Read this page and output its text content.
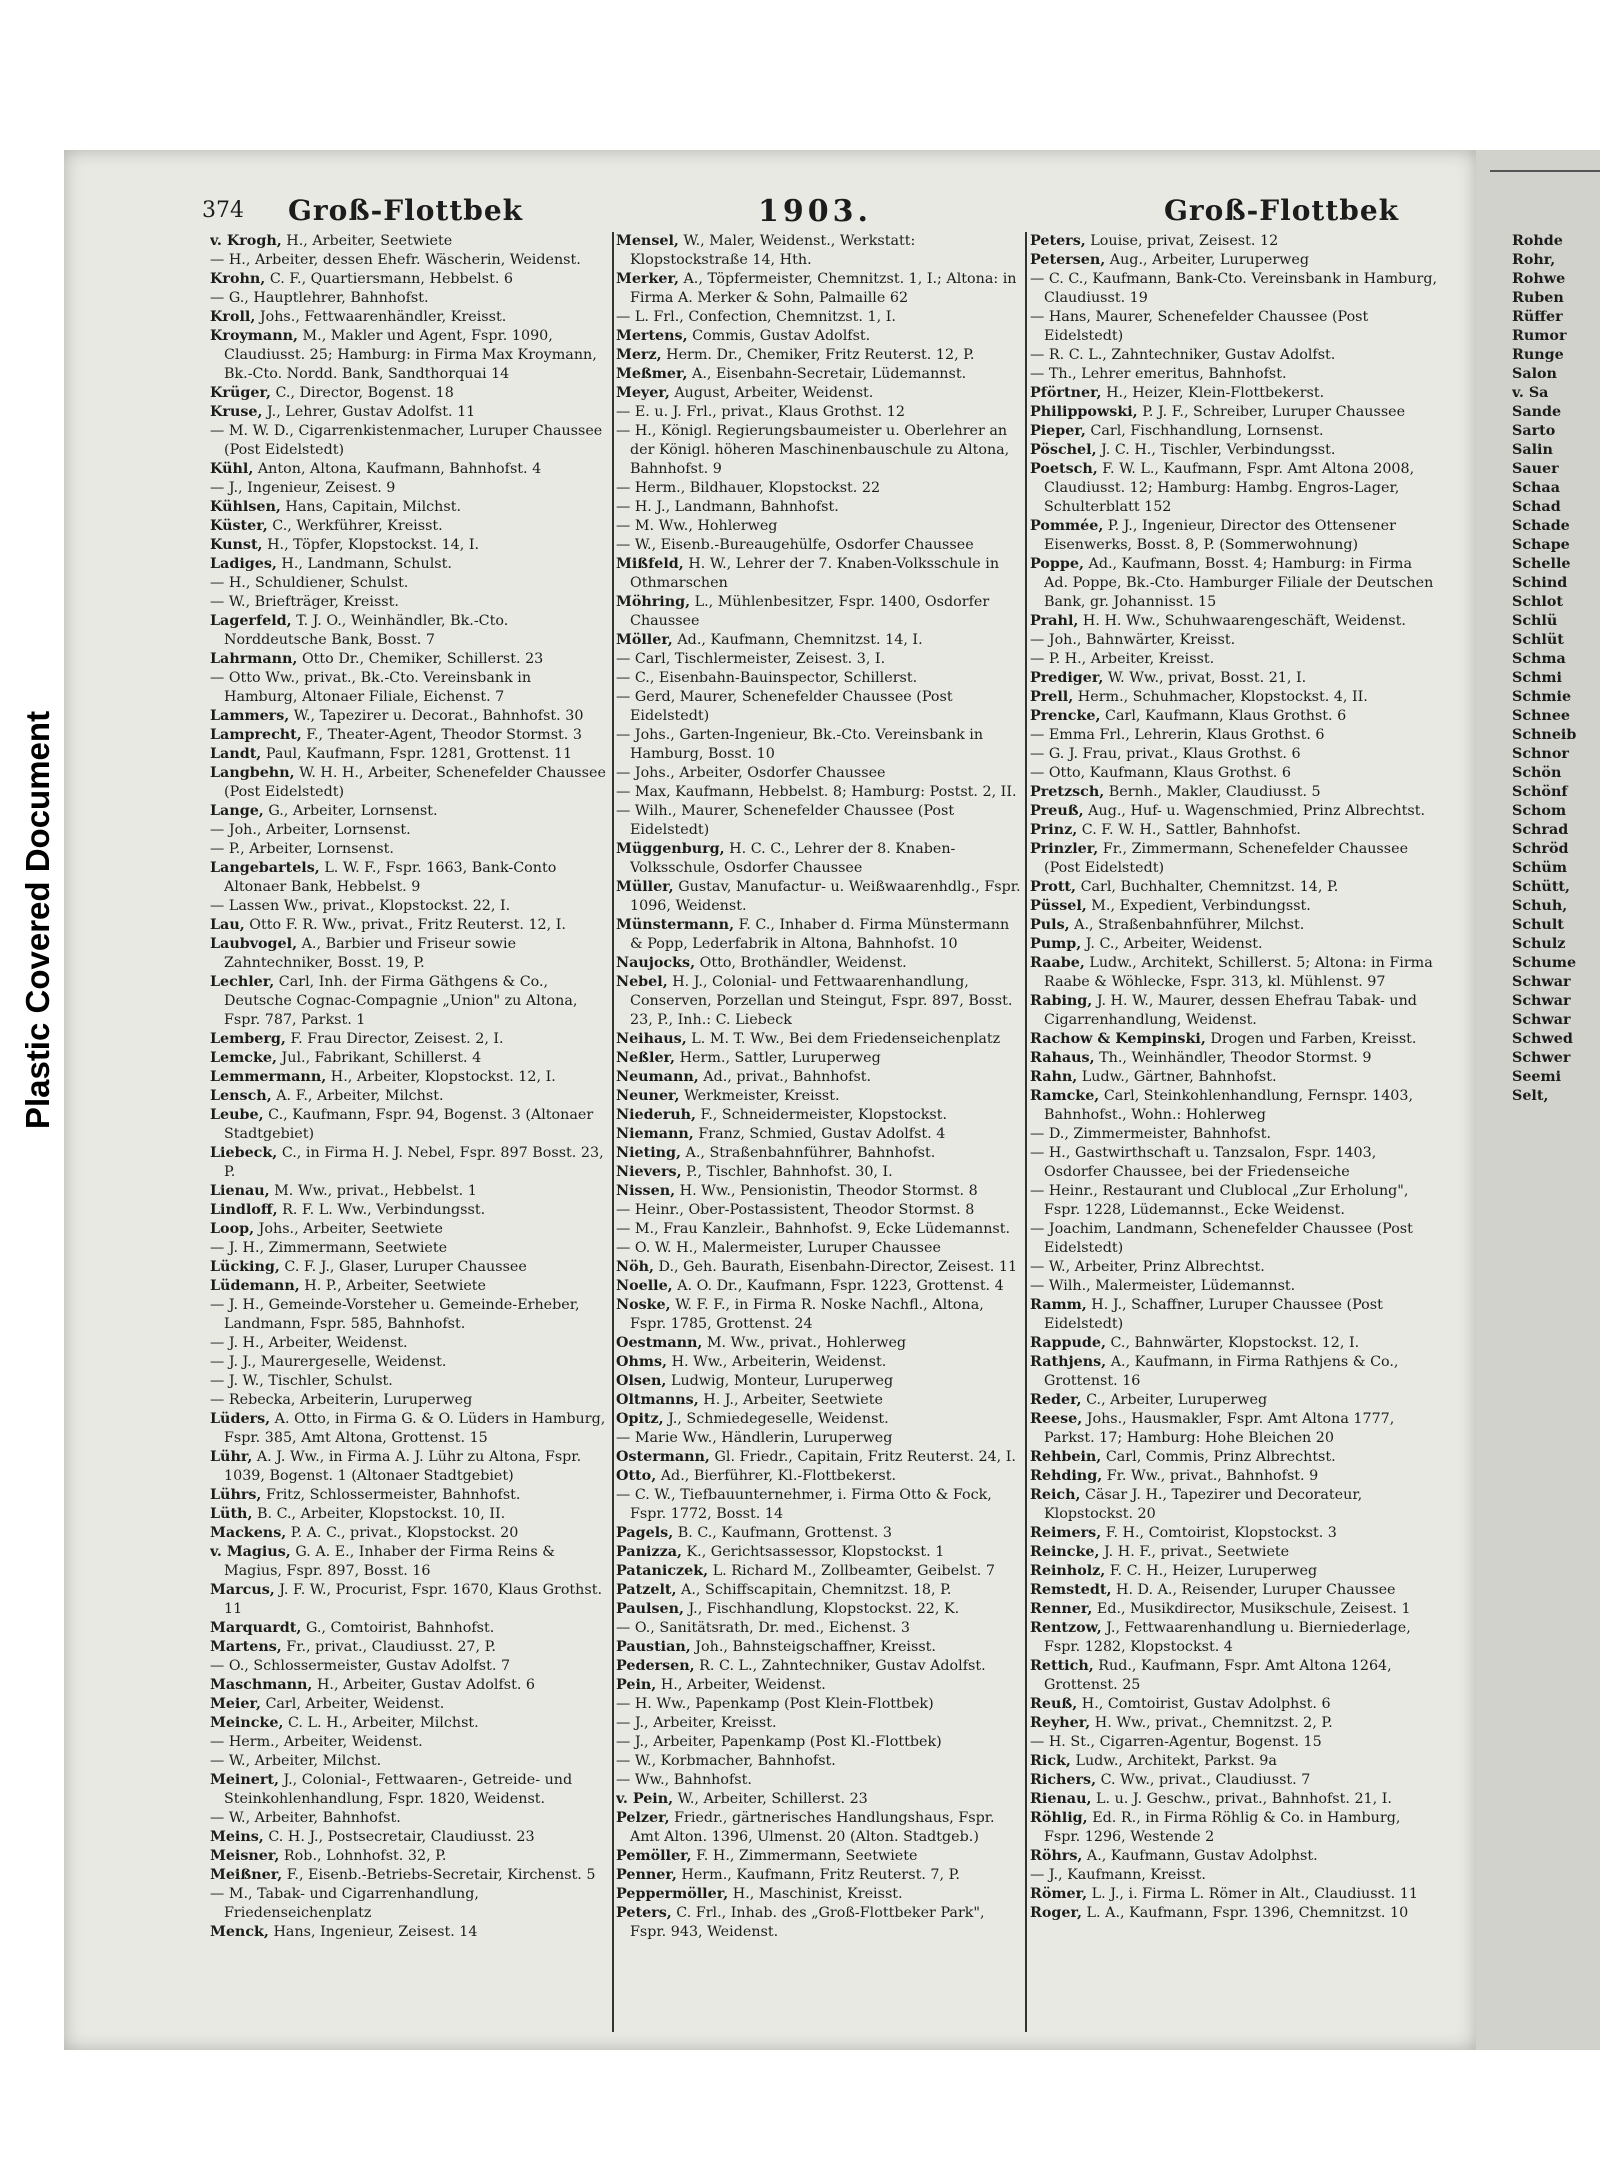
Plastic Covered Document
374 Groß-Flottbek	1903.	Groß-Flottbek

v. Krogh, H., Arbeiter, Seetwiete

— H., Arbeiter, dessen Ehefr. Wäscherin, Weidenst.

Krohn, C. F., Quartiersmann, Hebbelst. 6

— G., Hauptlehrer, Bahnhofst.

Kroll, Johs., Fettwaarenhändler, Kreisst.

Kroymann, M., Makler und Agent, Fspr. 1090, Claudiusst. 25; Hamburg: in Firma Max Kroymann, Bk.-Cto. Nordd. Bank, Sandthorquai 14

Krüger, C., Director, Bogenst. 18

Kruse, J., Lehrer, Gustav Adolfst. 11

— M. W. D., Cigarrenkistenmacher, Luruper Chaussee (Post Eidelstedt)

Kühl, Anton, Altona, Kaufmann, Bahnhofst. 4

— J., Ingenieur, Zeisest. 9

Kühlsen, Hans, Capitain, Milchst.

Küster, C., Werkführer, Kreisst.

Kunst, H., Töpfer, Klopstockst. 14, I.

Ladiges, H., Landmann, Schulst.

— H., Schuldiener, Schulst.

— W., Briefträger, Kreisst.

Lagerfeld, T. J. O., Weinhändler, Bk.-Cto. Norddeutsche Bank, Bosst. 7

Lahrmann, Otto Dr., Chemiker, Schillerst. 23

— Otto Ww., privat., Bk.-Cto. Vereinsbank in Hamburg, Altonaer Filiale, Eichenst. 7

Lammers, W., Tapezirer u. Decorat., Bahnhofst. 30

Lamprecht, F., Theater-Agent, Theodor Stormst. 3

Landt, Paul, Kaufmann, Fspr. 1281, Grottenst. 11

Langbehn, W. H. H., Arbeiter, Schenefelder Chaussee (Post Eidelstedt)

Lange, G., Arbeiter, Lornsenst.

— Joh., Arbeiter, Lornsenst.

— P., Arbeiter, Lornsenst.

Langebartels, L. W. F., Fspr. 1663, Bank-Conto Altonaer Bank, Hebbelst. 9

— Lassen Ww., privat., Klopstockst. 22, I.

Lau, Otto F. R. Ww., privat., Fritz Reuterst. 12, I.

Laubvogel, A., Barbier und Friseur sowie Zahntechniker, Bosst. 19, P.

Lechler, Carl, Inh. der Firma Gäthgens & Co., Deutsche Cognac-Compagnie „Union" zu Altona, Fspr. 787, Parkst. 1

Lemberg, F. Frau Director, Zeisest. 2, I.

Lemcke, Jul., Fabrikant, Schillerst. 4

Lemmermann, H., Arbeiter, Klopstockst. 12, I.

Lensch, A. F., Arbeiter, Milchst.

Leube, C., Kaufmann, Fspr. 94, Bogenst. 3 (Altonaer Stadtgebiet)

Liebeck, C., in Firma H. J. Nebel, Fspr. 897 Bosst. 23, P.

Lienau, M. Ww., privat., Hebbelst. 1

Lindloff, R. F. L. Ww., Verbindungsst.

Loop, Johs., Arbeiter, Seetwiete

— J. H., Zimmermann, Seetwiete

Lücking, C. F. J., Glaser, Luruper Chaussee

Lüdemann, H. P., Arbeiter, Seetwiete

— J. H., Gemeinde-Vorsteher u. Gemeinde-Erheber, Landmann, Fspr. 585, Bahnhofst.

— J. H., Arbeiter, Weidenst.

— J. J., Maurergeselle, Weidenst.

— J. W., Tischler, Schulst.

— Rebecka, Arbeiterin, Luruperweg

Lüders, A. Otto, in Firma G. & O. Lüders in Hamburg, Fspr. 385, Amt Altona, Grottenst. 15

Lühr, A. J. Ww., in Firma A. J. Lühr zu Altona, Fspr. 1039, Bogenst. 1 (Altonaer Stadtgebiet)

Lührs, Fritz, Schlossermeister, Bahnhofst.

Lüth, B. C., Arbeiter, Klopstockst. 10, II.

Mackens, P. A. C., privat., Klopstockst. 20

v. Magius, G. A. E., Inhaber der Firma Reins & Magius, Fspr. 897, Bosst. 16

Marcus, J. F. W., Procurist, Fspr. 1670, Klaus Grothst. 11

Marquardt, G., Comtoirist, Bahnhofst.

Martens, Fr., privat., Claudiusst. 27, P.

— O., Schlossermeister, Gustav Adolfst. 7

Maschmann, H., Arbeiter, Gustav Adolfst. 6

Meier, Carl, Arbeiter, Weidenst.

Meincke, C. L. H., Arbeiter, Milchst.

— Herm., Arbeiter, Weidenst.

— W., Arbeiter, Milchst.

Meinert, J., Colonial-, Fettwaaren-, Getreide- und Steinkohlenhandlung, Fspr. 1820, Weidenst.

— W., Arbeiter, Bahnhofst.

Meins, C. H. J., Postsecretair, Claudiusst. 23

Meisner, Rob., Lohnhofst. 32, P.

Meißner, F., Eisenb.-Betriebs-Secretair, Kirchenst. 5

— M., Tabak- und Cigarrenhandlung, Friedenseichenplatz

Menck, Hans, Ingenieur, Zeisest. 14

Mensel, W., Maler, Weidenst., Werkstatt: Klopstockstraße 14, Hth.

Merker, A., Töpfermeister, Chemnitzst. 1, I.; Altona: in Firma A. Merker & Sohn, Palmaille 62

— L. Frl., Confection, Chemnitzst. 1, I.

Mertens, Commis, Gustav Adolfst.

Merz, Herm. Dr., Chemiker, Fritz Reuterst. 12, P.

Meßmer, A., Eisenbahn-Secretair, Lüdemannst.

Meyer, August, Arbeiter, Weidenst.

— E. u. J. Frl., privat., Klaus Grothst. 12

— H., Königl. Regierungsbaumeister u. Oberlehrer an der Königl. höheren Maschinenbauschule zu Altona, Bahnhofst. 9

— Herm., Bildhauer, Klopstockst. 22

— H. J., Landmann, Bahnhofst.

— M. Ww., Hohlerweg

— W., Eisenb.-Bureaugehülfe, Osdorfer Chaussee

Mißfeld, H. W., Lehrer der 7. Knaben-Volksschule in Othmarschen

Möhring, L., Mühlenbesitzer, Fspr. 1400, Osdorfer Chaussee

Möller, Ad., Kaufmann, Chemnitzst. 14, I.

— Carl, Tischlermeister, Zeisest. 3, I.

— C., Eisenbahn-Bauinspector, Schillerst.

— Gerd, Maurer, Schenefelder Chaussee (Post Eidelstedt)

— Johs., Garten-Ingenieur, Bk.-Cto. Vereinsbank in Hamburg, Bosst. 10

— Johs., Arbeiter, Osdorfer Chaussee

— Max, Kaufmann, Hebbelst. 8; Hamburg: Postst. 2, II.

— Wilh., Maurer, Schenefelder Chaussee (Post Eidelstedt)

Müggenburg, H. C. C., Lehrer der 8. Knaben-Volksschule, Osdorfer Chaussee

Müller, Gustav, Manufactur- u. Weißwaarenhdlg., Fspr. 1096, Weidenst.

Münstermann, F. C., Inhaber d. Firma Münstermann & Popp, Lederfabrik in Altona, Bahnhofst. 10

Naujocks, Otto, Brothändler, Weidenst.

Nebel, H. J., Colonial- und Fettwaarenhandlung, Conserven, Porzellan und Steingut, Fspr. 897, Bosst. 23, P., Inh.: C. Liebeck

Neihaus, L. M. T. Ww., Bei dem Friedenseichenplatz

Neßler, Herm., Sattler, Luruperweg

Neumann, Ad., privat., Bahnhofst.

Neuner, Werkmeister, Kreisst.

Niederuh, F., Schneidermeister, Klopstockst.

Niemann, Franz, Schmied, Gustav Adolfst. 4

Nieting, A., Straßenbahnführer, Bahnhofst.

Nievers, P., Tischler, Bahnhofst. 30, I.

Nissen, H. Ww., Pensionistin, Theodor Stormst. 8

— Heinr., Ober-Postassistent, Theodor Stormst. 8

— M., Frau Kanzleir., Bahnhofst. 9, Ecke Lüdemannst.

— O. W. H., Malermeister, Luruper Chaussee

Nöh, D., Geh. Baurath, Eisenbahn-Director, Zeisest. 11

Noelle, A. O. Dr., Kaufmann, Fspr. 1223, Grottenst. 4

Noske, W. F. F., in Firma R. Noske Nachfl., Altona, Fspr. 1785, Grottenst. 24

Oestmann, M. Ww., privat., Hohlerweg

Ohms, H. Ww., Arbeiterin, Weidenst.

Olsen, Ludwig, Monteur, Luruperweg

Oltmanns, H. J., Arbeiter, Seetwiete

Opitz, J., Schmiedegeselle, Weidenst.

— Marie Ww., Händlerin, Luruperweg

Ostermann, Gl. Friedr., Capitain, Fritz Reuterst. 24, I.

Otto, Ad., Bierführer, Kl.-Flottbekerst.

— C. W., Tiefbauunternehmer, i. Firma Otto & Fock, Fspr. 1772, Bosst. 14

Pagels, B. C., Kaufmann, Grottenst. 3

Panizza, K., Gerichtsassessor, Klopstockst. 1

Pataniczek, L. Richard M., Zollbeamter, Geibelst. 7

Patzelt, A., Schiffscapitain, Chemnitzst. 18, P.

Paulsen, J., Fischhandlung, Klopstockst. 22, K.

— O., Sanitätsrath, Dr. med., Eichenst. 3

Paustian, Joh., Bahnsteigschaffner, Kreisst.

Pedersen, R. C. L., Zahntechniker, Gustav Adolfst.

Pein, H., Arbeiter, Weidenst.

— H. Ww., Papenkamp (Post Klein-Flottbek)

— J., Arbeiter, Kreisst.

— J., Arbeiter, Papenkamp (Post Kl.-Flottbek)

— W., Korbmacher, Bahnhofst.

— Ww., Bahnhofst.

v. Pein, W., Arbeiter, Schillerst. 23

Pelzer, Friedr., gärtnerisches Handlungshaus, Fspr. Amt Alton. 1396, Ulmenst. 20 (Alton. Stadtgeb.)

Pemöller, F. H., Zimmermann, Seetwiete

Penner, Herm., Kaufmann, Fritz Reuterst. 7, P.

Peppermöller, H., Maschinist, Kreisst.

Peters, C. Frl., Inhab. des „Groß-Flottbeker Park", Fspr. 943, Weidenst.

Peters, Louise, privat, Zeisest. 12

Petersen, Aug., Arbeiter, Luruperweg

— C. C., Kaufmann, Bank-Cto. Vereinsbank in Hamburg, Claudiusst. 19

— Hans, Maurer, Schenefelder Chaussee (Post Eidelstedt)

— R. C. L., Zahntechniker, Gustav Adolfst.

— Th., Lehrer emeritus, Bahnhofst.

Pförtner, H., Heizer, Klein-Flottbekerst.

Philippowski, P. J. F., Schreiber, Luruper Chaussee

Pieper, Carl, Fischhandlung, Lornsenst.

Pöschel, J. C. H., Tischler, Verbindungsst.

Poetsch, F. W. L., Kaufmann, Fspr. Amt Altona 2008, Claudiusst. 12; Hamburg: Hambg. Engros-Lager, Schulterblatt 152

Pommée, P. J., Ingenieur, Director des Ottensener Eisenwerks, Bosst. 8, P. (Sommerwohnung)

Poppe, Ad., Kaufmann, Bosst. 4; Hamburg: in Firma Ad. Poppe, Bk.-Cto. Hamburger Filiale der Deutschen Bank, gr. Johannisst. 15

Prahl, H. H. Ww., Schuhwaarengeschäft, Weidenst.

— Joh., Bahnwärter, Kreisst.

— P. H., Arbeiter, Kreisst.

Prediger, W. Ww., privat, Bosst. 21, I.

Prell, Herm., Schuhmacher, Klopstockst. 4, II.

Prencke, Carl, Kaufmann, Klaus Grothst. 6

— Emma Frl., Lehrerin, Klaus Grothst. 6

— G. J. Frau, privat., Klaus Grothst. 6

— Otto, Kaufmann, Klaus Grothst. 6

Pretzsch, Bernh., Makler, Claudiusst. 5

Preuß, Aug., Huf- u. Wagenschmied, Prinz Albrechtst.

Prinz, C. F. W. H., Sattler, Bahnhofst.

Prinzler, Fr., Zimmermann, Schenefelder Chaussee (Post Eidelstedt)

Prott, Carl, Buchhalter, Chemnitzst. 14, P.

Püssel, M., Expedient, Verbindungsst.

Puls, A., Straßenbahnführer, Milchst.

Pump, J. C., Arbeiter, Weidenst.

Raabe, Ludw., Architekt, Schillerst. 5; Altona: in Firma Raabe & Wöhlecke, Fspr. 313, kl. Mühlenst. 97

Rabing, J. H. W., Maurer, dessen Ehefrau Tabak- und Cigarrenhandlung, Weidenst.

Rachow & Kempinski, Drogen und Farben, Kreisst.

Rahaus, Th., Weinhändler, Theodor Stormst. 9

Rahn, Ludw., Gärtner, Bahnhofst.

Ramcke, Carl, Steinkohlenhandlung, Fernspr. 1403, Bahnhofst., Wohn.: Hohlerweg

— D., Zimmermeister, Bahnhofst.

— H., Gastwirthschaft u. Tanzsalon, Fspr. 1403, Osdorfer Chaussee, bei der Friedenseiche

— Heinr., Restaurant und Clublocal „Zur Erholung", Fspr. 1228, Lüdemannst., Ecke Weidenst.

— Joachim, Landmann, Schenefelder Chaussee (Post Eidelstedt)

— W., Arbeiter, Prinz Albrechtst.

— Wilh., Malermeister, Lüdemannst.

Ramm, H. J., Schaffner, Luruper Chaussee (Post Eidelstedt)

Rappude, C., Bahnwärter, Klopstockst. 12, I.

Rathjens, A., Kaufmann, in Firma Rathjens & Co., Grottenst. 16

Reder, C., Arbeiter, Luruperweg

Reese, Johs., Hausmakler, Fspr. Amt Altona 1777, Parkst. 17; Hamburg: Hohe Bleichen 20

Rehbein, Carl, Commis, Prinz Albrechtst.

Rehding, Fr. Ww., privat., Bahnhofst. 9

Reich, Cäsar J. H., Tapezirer und Decorateur, Klopstockst. 20

Reimers, F. H., Comtoirist, Klopstockst. 3

Reincke, J. H. F., privat., Seetwiete

Reinholz, F. C. H., Heizer, Luruperweg

Remstedt, H. D. A., Reisender, Luruper Chaussee

Renner, Ed., Musikdirector, Musikschule, Zeisest. 1

Rentzow, J., Fettwaarenhandlung u. Bierniederlage, Fspr. 1282, Klopstockst. 4

Rettich, Rud., Kaufmann, Fspr. Amt Altona 1264, Grottenst. 25

Reuß, H., Comtoirist, Gustav Adolphst. 6

Reyher, H. Ww., privat., Chemnitzst. 2, P.

— H. St., Cigarren-Agentur, Bogenst. 15

Rick, Ludw., Architekt, Parkst. 9a

Richers, C. Ww., privat., Claudiusst. 7

Rienau, L. u. J. Geschw., privat., Bahnhofst. 21, I.

Röhlig, Ed. R., in Firma Röhlig & Co. in Hamburg, Fspr. 1296, Westende 2

Röhrs, A., Kaufmann, Gustav Adolphst.

— J., Kaufmann, Kreisst.

Römer, L. J., i. Firma L. Römer in Alt., Claudiusst. 11

Roger, L. A., Kaufmann, Fspr. 1396, Chemnitzst. 10

Rohde
Rohr,
Rohwe
Ruben
Rüffer
Rumor
Runge
Salon
v. Sa
Sande
Sarto
Salin
Sauer
Schaa
Schad
Schade
Schape
Schelle
Schind
Schlot
Schlü
Schlüt
Schma
Schmi
Schmie
Schnee
Schneib
Schnor
Schön
Schönf
Schom
Schrad
Schröd
Schüm
Schütt,
Schuh,
Schult
Schulz
Schume
Schwar
Schwar
Schwar
Schwed
Schwer
Seemi
Selt,
